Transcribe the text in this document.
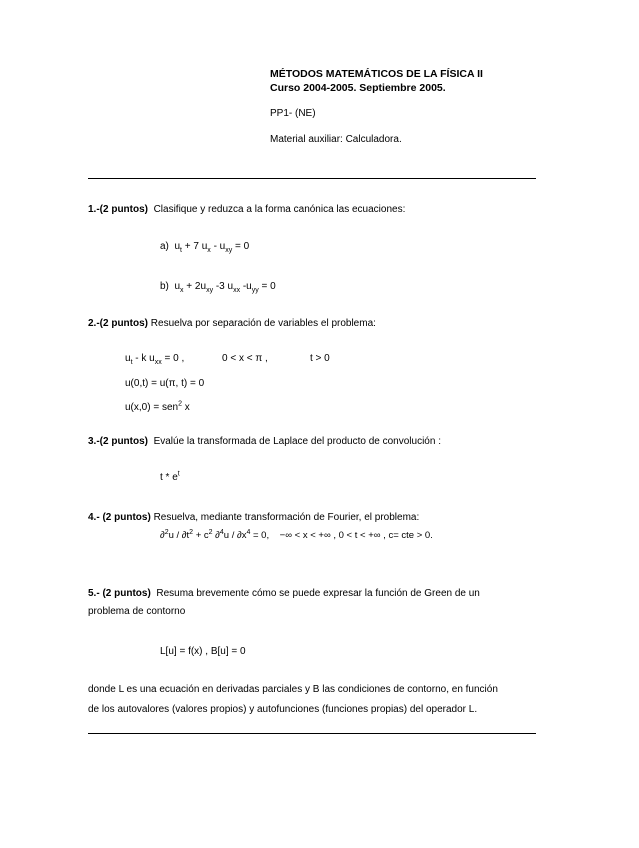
MÉTODOS MATEMÁTICOS DE LA FÍSICA II
Curso 2004-2005. Septiembre 2005.
PP1- (NE)
Material auxiliar: Calculadora.
1.-(2 puntos) Clasifique y reduzca a la forma canónica las ecuaciones:
a) $u_t + 7$ $u_x - u_{xy} = 0$
b) $u_x + 2u_{xy}$ -3 $u_{xx}$ $-u_{yy} = 0$
2.-(2 puntos) Resuelva por separación de variables el problema:
$u_t$ - k $u_{xx} = 0$ ,	0 < x < π ,	t > 0
u(0,t) = u(π, t) = 0
u(x,0) = sen$^2$ x
3.-(2 puntos) Evalúe la transformada de Laplace del producto de convolución :
t * $e^t$
4.- (2 puntos) Resuelva, mediante transformación de Fourier, el problema:
$\partial^2u / \partial t^2 + c^2$ $\partial^4u / \partial x^4 = 0$, −∞ < x < +∞ , 0 < t < +∞ , c= cte > 0.
5.- (2 puntos) Resuma brevemente cómo se puede expresar la función de Green de un
problema de contorno
L[u] = f(x) , B[u] = 0
donde L es una ecuación en derivadas parciales y B las condiciones de contorno, en función
de los autovalores (valores propios) y autofunciones (funciones propias) del operador L.
